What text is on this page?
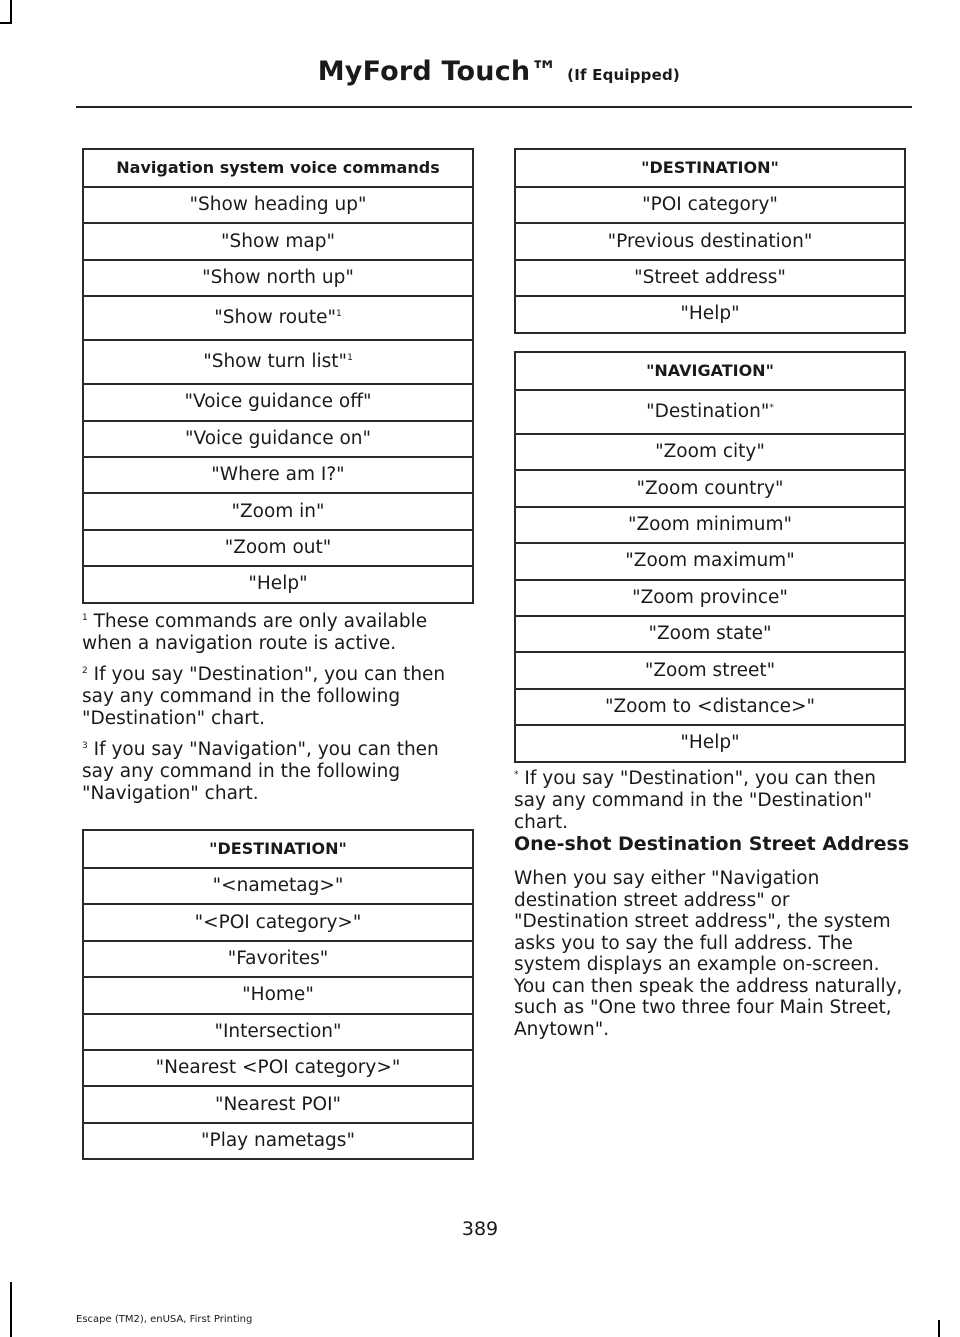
MyFord Touch™ (If Equipped)
Navigation system voice commands
"Show heading up"
"Show map"
"Show north up"
"Show route"$^1$
"Show turn list"$^1$
"Voice guidance off"
"Voice guidance on"
"Where am I?"
"Zoom in"
"Zoom out"
"Help"

$^1$ These commands are only available when a navigation route is active.

$^2$ If you say "Destination", you can then say any command in the following "Destination" chart.

$^3$ If you say "Navigation", you can then say any command in the following "Navigation" chart.

"DESTINATION"
"<nametag>"
"<POI category>"
"Favorites"
"Home"
"Intersection"
"Nearest <POI category>"
"Nearest POI"
"Play nametags"
"DESTINATION"
"POI category"
"Previous destination"
"Street address"
"Help"
"NAVIGATION"
"Destination"*
"Zoom city"
"Zoom country"
"Zoom minimum"
"Zoom maximum"
"Zoom province"
"Zoom state"
"Zoom street"
"Zoom to <distance>"
"Help"

* If you say "Destination", you can then say any command in the "Destination" chart.

One-shot Destination Street Address
When you say either "Navigation destination street address" or "Destination street address", the system asks you to say the full address. The system displays an example on-screen. You can then speak the address naturally, such as "One two three four Main Street, Anytown".
389
Escape (TM2), enUSA, First Printing
